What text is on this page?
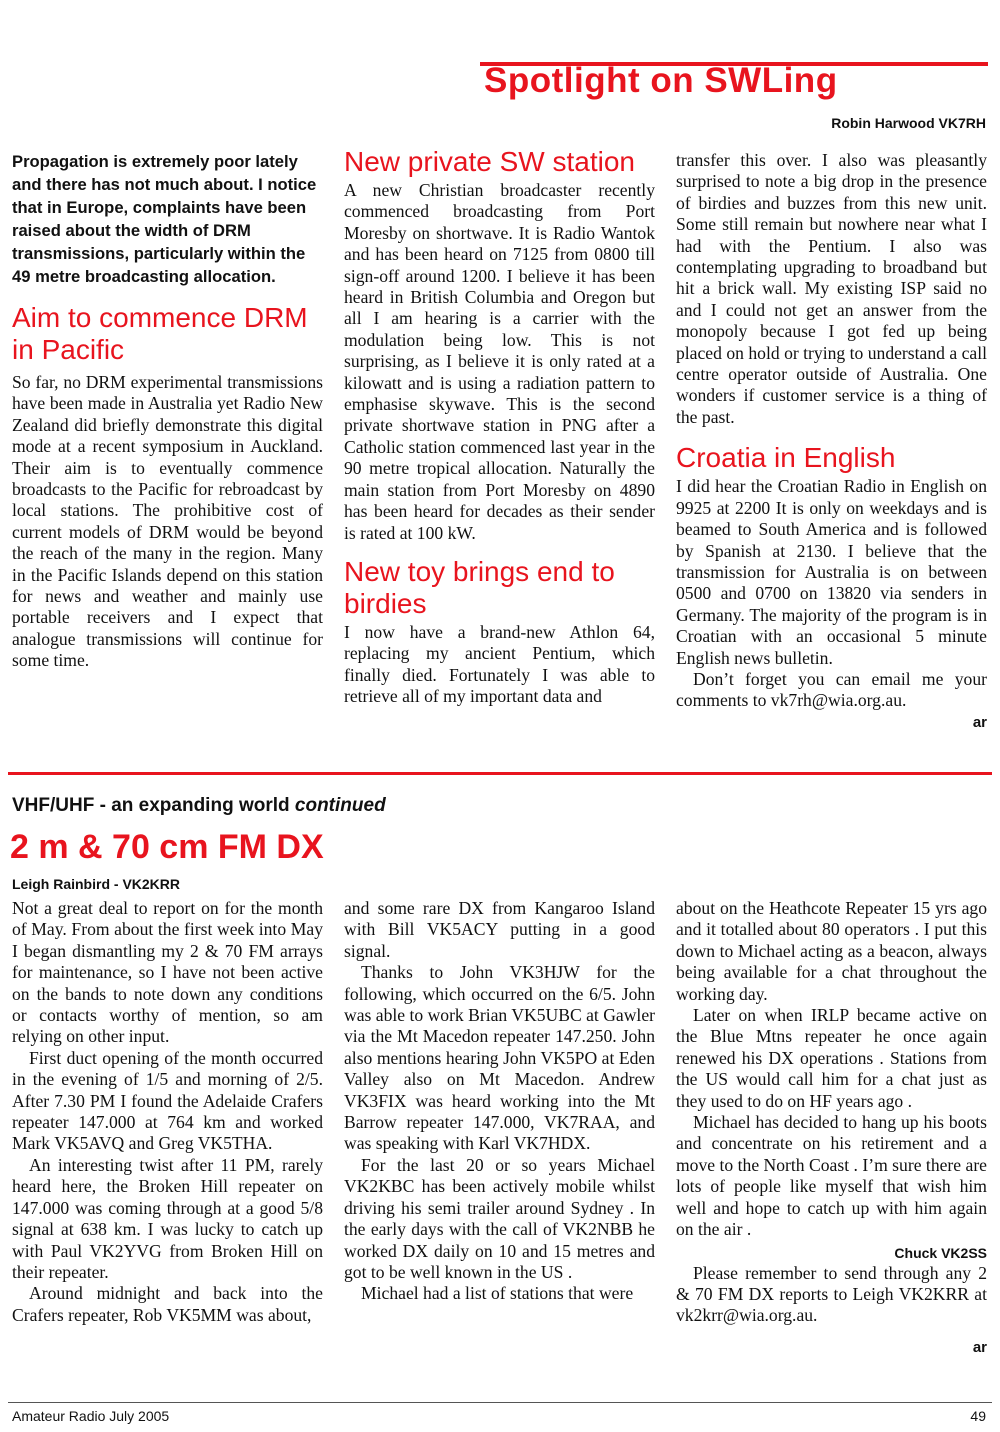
Spotlight on SWLing
Robin Harwood VK7RH

Propagation is extremely poor lately and there has not much about. I notice that in Europe, complaints have been raised about the width of DRM transmissions, particularly within the 49 metre broadcasting allocation.

Aim to commence DRM in Pacific

So far, no DRM experimental transmissions have been made in Australia yet Radio New Zealand did briefly demonstrate this digital mode at a recent symposium in Auckland. Their aim is to eventually commence broadcasts to the Pacific for rebroadcast by local stations. The prohibitive cost of current models of DRM would be beyond the reach of the many in the region. Many in the Pacific Islands depend on this station for news and weather and mainly use portable receivers and I expect that analogue transmissions will continue for some time.

New private SW station

A new Christian broadcaster recently commenced broadcasting from Port Moresby on shortwave. It is Radio Wantok and has been heard on 7125 from 0800 till sign-off around 1200. I believe it has been heard in British Columbia and Oregon but all I am hearing is a carrier with the modulation being low. This is not surprising, as I believe it is only rated at a kilowatt and is using a radiation pattern to emphasise skywave. This is the second private shortwave station in PNG after a Catholic station commenced last year in the 90 metre tropical allocation. Naturally the main station from Port Moresby on 4890 has been heard for decades as their sender is rated at 100 kW.

New toy brings end to birdies

I now have a brand-new Athlon 64, replacing my ancient Pentium, which finally died. Fortunately I was able to retrieve all of my important data and

transfer this over. I also was pleasantly surprised to note a big drop in the presence of birdies and buzzes from this new unit. Some still remain but nowhere near what I had with the Pentium. I also was contemplating upgrading to broadband but hit a brick wall. My existing ISP said no and I could not get an answer from the monopoly because I got fed up being placed on hold or trying to understand a call centre operator outside of Australia. One wonders if customer service is a thing of the past.

Croatia in English

I did hear the Croatian Radio in English on 9925 at 2200 It is only on weekdays and is beamed to South America and is followed by Spanish at 2130. I believe that the transmission for Australia is on between 0500 and 0700 on 13820 via senders in Germany. The majority of the program is in Croatian with an occasional 5 minute English news bulletin.

Don’t forget you can email me your comments to vk7rh@wia.org.au.

ar
VHF/UHF - an expanding world continued
2 m & 70 cm FM DX
Leigh Rainbird - VK2KRR

Not a great deal to report on for the month of May. From about the first week into May I began dismantling my 2 & 70 FM arrays for maintenance, so I have not been active on the bands to note down any conditions or contacts worthy of mention, so am relying on other input.

First duct opening of the month occurred in the evening of 1/5 and morning of 2/5. After 7.30 PM I found the Adelaide Crafers repeater 147.000 at 764 km and worked Mark VK5AVQ and Greg VK5THA.

An interesting twist after 11 PM, rarely heard here, the Broken Hill repeater on 147.000 was coming through at a good 5/8 signal at 638 km. I was lucky to catch up with Paul VK2YVG from Broken Hill on their repeater.

Around midnight and back into the Crafers repeater, Rob VK5MM was about,

and some rare DX from Kangaroo Island with Bill VK5ACY putting in a good signal.

Thanks to John VK3HJW for the following, which occurred on the 6/5. John was able to work Brian VK5UBC at Gawler via the Mt Macedon repeater 147.250. John also mentions hearing John VK5PO at Eden Valley also on Mt Macedon. Andrew VK3FIX was heard working into the Mt Barrow repeater 147.000, VK7RAA, and was speaking with Karl VK7HDX.

For the last 20 or so years Michael VK2KBC has been actively mobile whilst driving his semi trailer around Sydney . In the early days with the call of VK2NBB he worked DX daily on 10 and 15 metres and got to be well known in the US .

Michael had a list of stations that were

about on the Heathcote Repeater 15 yrs ago and it totalled about 80 operators . I put this down to Michael acting as a beacon, always being available for a chat throughout the working day.

Later on when IRLP became active on the Blue Mtns repeater he once again renewed his DX operations . Stations from the US would call him for a chat just as they used to do on HF years ago .

Michael has decided to hang up his boots and concentrate on his retirement and a move to the North Coast . I’m sure there are lots of people like myself that wish him well and hope to catch up with him again on the air .

Chuck VK2SS

Please remember to send through any 2 & 70 FM DX reports to Leigh VK2KRR at vk2krr@wia.org.au.

ar
Amateur Radio July 2005	49
